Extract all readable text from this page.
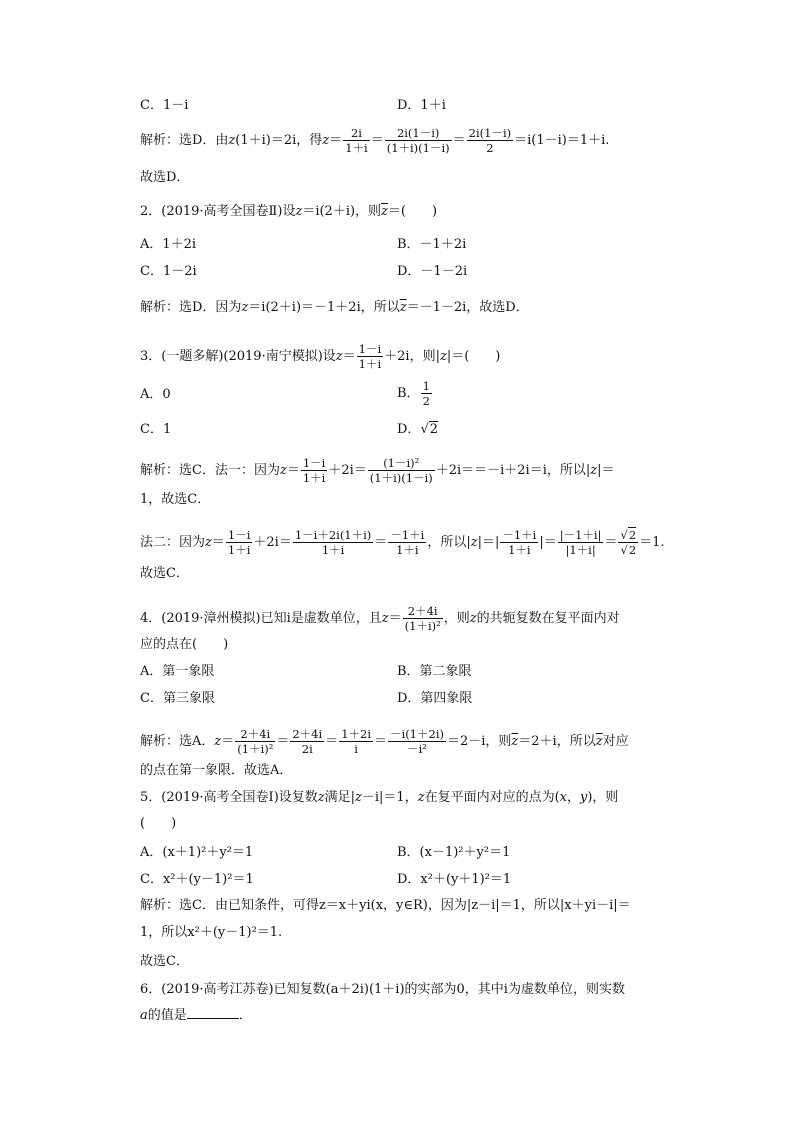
C．1－i	D．1＋i
解析：选D．由z(1＋i)＝2i，得$z= \frac{2i}{1+i} = \frac{2i(1-i)}{(1+i)(1-i)} = \frac{2i(1-i)}{2} =i(1-i)=1+i$.
故选D．
2．(2019·高考全国卷Ⅱ)设z＝i(2＋i)，则$\overline{z}=$(　　)
A．1＋2i	B．－1＋2i
C．1－2i	D．－1－2i
解析：选D．因为z＝i(2＋i)＝－1＋2i，所以$\overline{z}=-1-2i$，故选D．
3．(一题多解)(2019·南宁模拟)设$z= \frac{1-i}{1+i} +2i$，则|z|＝(　　)
A．0	B． $\frac{1}{2}$
C．1	D．√2
解析：选C．法一：因为$z= \frac{1-i}{1+i} +2i= \frac{\text{(1－i)²}}{(1+i)(1-i)} +2i==-i+2i=i$，所以|z|＝
1，故选C．
法二：因为$z= \frac{1-i}{1+i} +2i= \frac{1-i+2i(1+i)}{1+i} = \frac{-1+i}{1+i}$ ，所以$|z|=| \frac{-1+i}{1+i}$ |＝ $\frac{|-1+i|}{|1+i|} = \frac{√2}{√2} =1$.
故选C．
4．(2019·漳州模拟)已知i是虚数单位，且$z= \frac{2+4i}{\text{(1＋i)²}}$ ，则z的共轭复数在复平面内对
应的点在(　　)
A．第一象限	B．第二象限
C．第三象限	D．第四象限
解析：选A．$z= \frac{2+4i}{\text{(1＋i)²}} = \frac{2+4i}{2i} = \frac{1+2i}{i} = \frac{-i(1+2i)}{\text{－i²}} =2-i$，则$\overline{z}=2+i$，所以$\overline{z}$对应
的点在第一象限．故选A．
5．(2019·高考全国卷Ⅰ)设复数z满足|z－i|＝1，z在复平面内对应的点为(x，y)，则
(　　)
A．(x＋1)²＋y²＝1	B．(x－1)²＋y²＝1
C．x²＋(y－1)²＝1	D．x²＋(y＋1)²＝1
解析：选C．由已知条件，可得z＝x＋yi(x，y∈R)，因为|z－i|＝1，所以|x＋yi－i|＝
1，所以x²＋(y－1)²＝1.
故选C．
6．(2019·高考江苏卷)已知复数(a＋2i)(1＋i)的实部为0，其中i为虚数单位，则实数
a的值是	．
